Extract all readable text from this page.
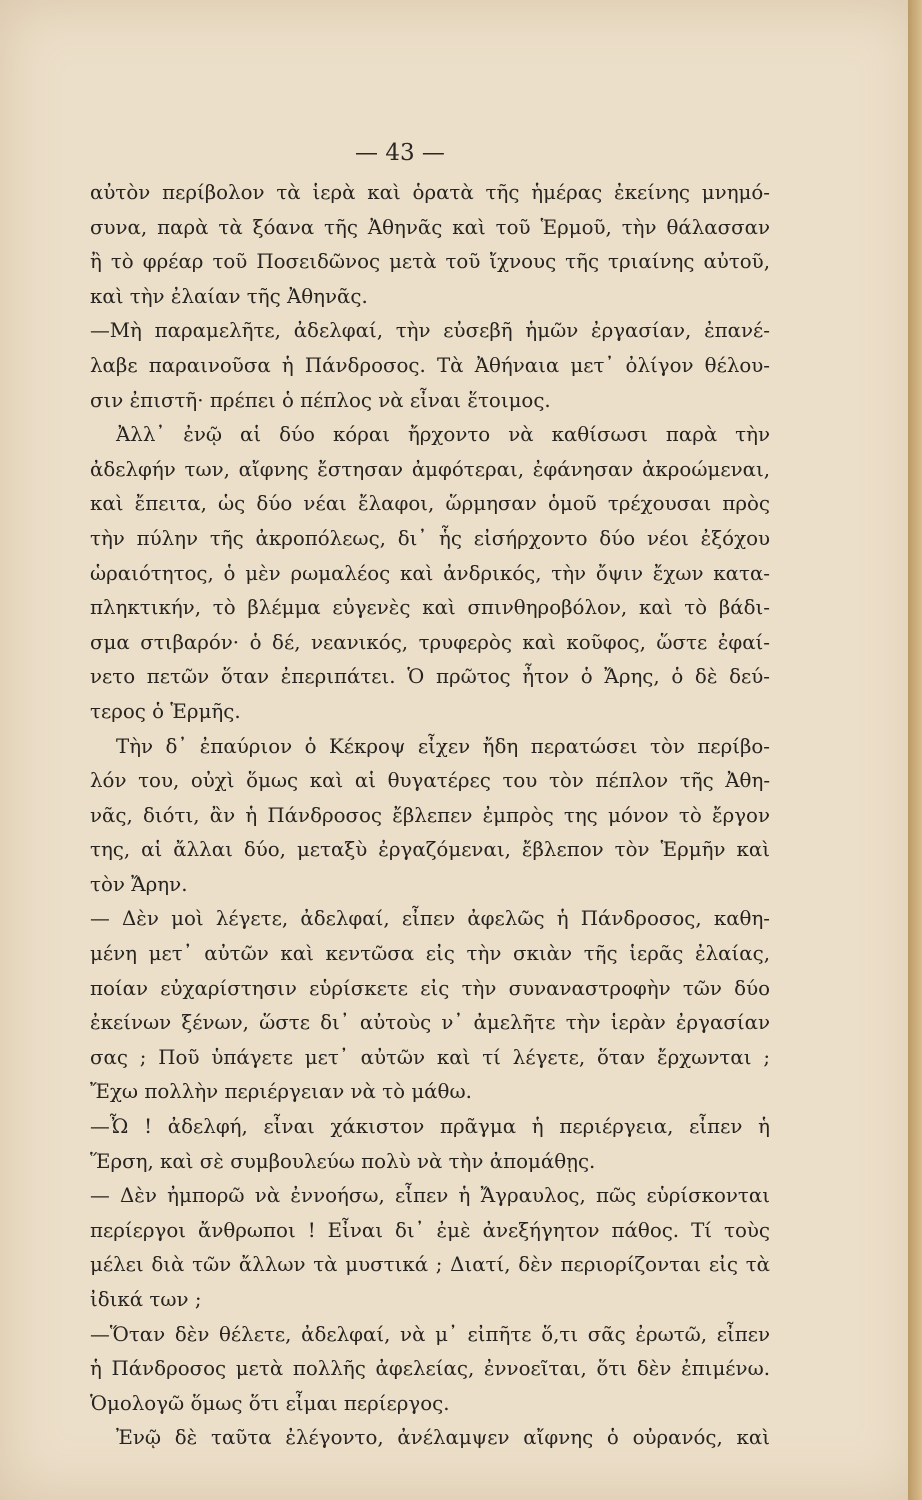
— 43 —
αὐτὸν περίβολον τὰ ἱερὰ καὶ ὁρατὰ τῆς ἡμέρας ἐκείνης μνημό-
συνα, παρὰ τὰ ξόανα τῆς Ἀθηνᾶς καὶ τοῦ Ἑρμοῦ, τὴν θάλασσαν
ἢ τὸ φρέαρ τοῦ Ποσειδῶνος μετὰ τοῦ ἴχνους τῆς τριαίνης αὐτοῦ,
καὶ τὴν ἐλαίαν τῆς Ἀθηνᾶς.
—Μὴ παραμελῆτε, ἀδελφαί, τὴν εὐσεβῆ ἡμῶν ἐργασίαν, ἐπανέ-
λαβε παραινοῦσα ἡ Πάνδροσος. Τὰ Ἀθήναια μετ᾽ ὀλίγον θέλου-
σιν ἐπιστῆ· πρέπει ὁ πέπλος νὰ εἶναι ἕτοιμος.
Ἀλλ᾽ ἐνῷ αἱ δύο κόραι ἤρχοντο νὰ καθίσωσι παρὰ τὴν
ἀδελφήν των, αἴφνης ἔστησαν ἀμφότεραι, ἐφάνησαν ἀκροώμεναι,
καὶ ἔπειτα, ὡς δύο νέαι ἔλαφοι, ὥρμησαν ὁμοῦ τρέχουσαι πρὸς
τὴν πύλην τῆς ἀκροπόλεως, δι᾽ ἧς εἰσήρχοντο δύο νέοι ἐξόχου
ὡραιότητος, ὁ μὲν ρωμαλέος καὶ ἀνδρικός, τὴν ὄψιν ἔχων κατα-
πληκτικήν, τὸ βλέμμα εὐγενὲς καὶ σπινθηροβόλον, καὶ τὸ βάδι-
σμα στιβαρόν· ὁ δέ, νεανικός, τρυφερὸς καὶ κοῦφος, ὥστε ἐφαί-
νετο πετῶν ὅταν ἐπεριπάτει. Ὁ πρῶτος ἦτον ὁ Ἄρης, ὁ δὲ δεύ-
τερος ὁ Ἑρμῆς.
Τὴν δ᾽ ἐπαύριον ὁ Κέκροψ εἶχεν ἤδη περατώσει τὸν περίβο-
λόν του, οὐχὶ ὅμως καὶ αἱ θυγατέρες του τὸν πέπλον τῆς Ἀθη-
νᾶς, διότι, ἂν ἡ Πάνδροσος ἔβλεπεν ἐμπρὸς της μόνον τὸ ἔργον
της, αἱ ἄλλαι δύο, μεταξὺ ἐργαζόμεναι, ἔβλεπον τὸν Ἑρμῆν καὶ
τὸν Ἄρην.
— Δὲν μοὶ λέγετε, ἀδελφαί, εἶπεν ἀφελῶς ἡ Πάνδροσος, καθη-
μένη μετ᾽ αὐτῶν καὶ κεντῶσα εἰς τὴν σκιὰν τῆς ἱερᾶς ἐλαίας,
ποίαν εὐχαρίστησιν εὑρίσκετε εἰς τὴν συναναστροφὴν τῶν δύο
ἐκείνων ξένων, ὥστε δι᾽ αὐτοὺς ν᾽ ἀμελῆτε τὴν ἱερὰν ἐργασίαν
σας ; Ποῦ ὑπάγετε μετ᾽ αὐτῶν καὶ τί λέγετε, ὅταν ἔρχωνται ;
Ἔχω πολλὴν περιέργειαν νὰ τὸ μάθω.
—Ὦ ! ἀδελφή, εἶναι χάκιστον πρᾶγμα ἡ περιέργεια, εἶπεν ἡ
Ἕρση, καὶ σὲ συμβουλεύω πολὺ νὰ τὴν ἀπομάθῃς.
— Δὲν ἠμπορῶ νὰ ἐννοήσω, εἶπεν ἡ Ἄγραυλος, πῶς εὑρίσκονται
περίεργοι ἄνθρωποι ! Εἶναι δι᾽ ἐμὲ ἀνεξήγητον πάθος. Τί τοὺς
μέλει διὰ τῶν ἄλλων τὰ μυστικά ; Διατί, δὲν περιορίζονται εἰς τὰ
ἰδικά των ;
—Ὅταν δὲν θέλετε, ἀδελφαί, νὰ μ᾽ εἰπῆτε ὅ,τι σᾶς ἐρωτῶ, εἶπεν
ἡ Πάνδροσος μετὰ πολλῆς ἀφελείας, ἐννοεῖται, ὅτι δὲν ἐπιμένω.
Ὁμολογῶ ὅμως ὅτι εἶμαι περίεργος.
Ἐνῷ δὲ ταῦτα ἐλέγοντο, ἀνέλαμψεν αἴφνης ὁ οὐρανός, καὶ
